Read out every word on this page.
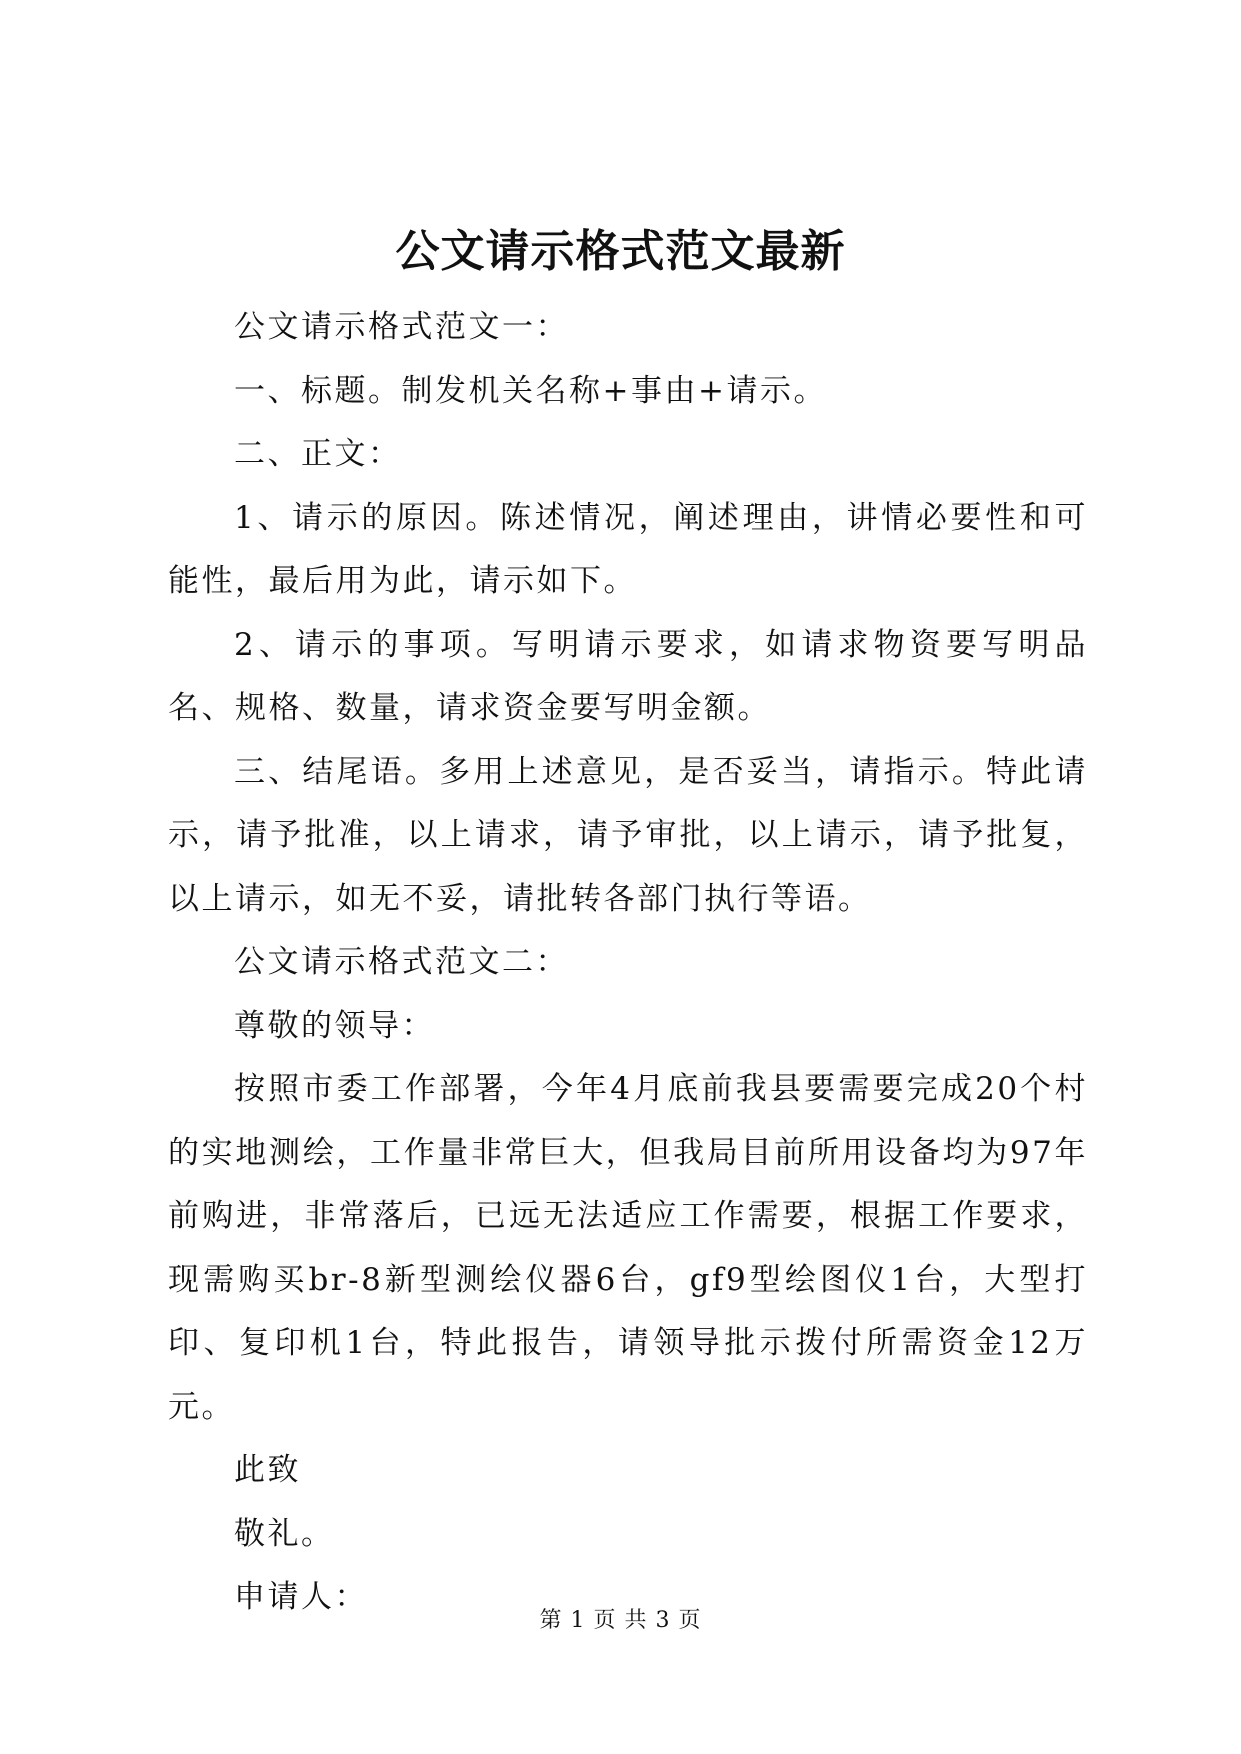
公文请示格式范文最新

公文请示格式范文一：

一、标题。制发机关名称+事由+请示。

二、正文：

1、请示的原因。陈述情况，阐述理由，讲情必要性和可能性，最后用为此，请示如下。

2、请示的事项。写明请示要求，如请求物资要写明品名、规格、数量，请求资金要写明金额。

三、结尾语。多用上述意见，是否妥当，请指示。特此请示，请予批准，以上请求，请予审批，以上请示，请予批复，以上请示，如无不妥，请批转各部门执行等语。

公文请示格式范文二：

尊敬的领导：

按照市委工作部署，今年4月底前我县要需要完成20个村的实地测绘，工作量非常巨大，但我局目前所用设备均为97年前购进，非常落后，已远无法适应工作需要，根据工作要求，现需购买br-8新型测绘仪器6台，gf9型绘图仪1台，大型打印、复印机1台，特此报告，请领导批示拨付所需资金12万元。

此致

敬礼。

申请人：

第 1 页 共 3 页
